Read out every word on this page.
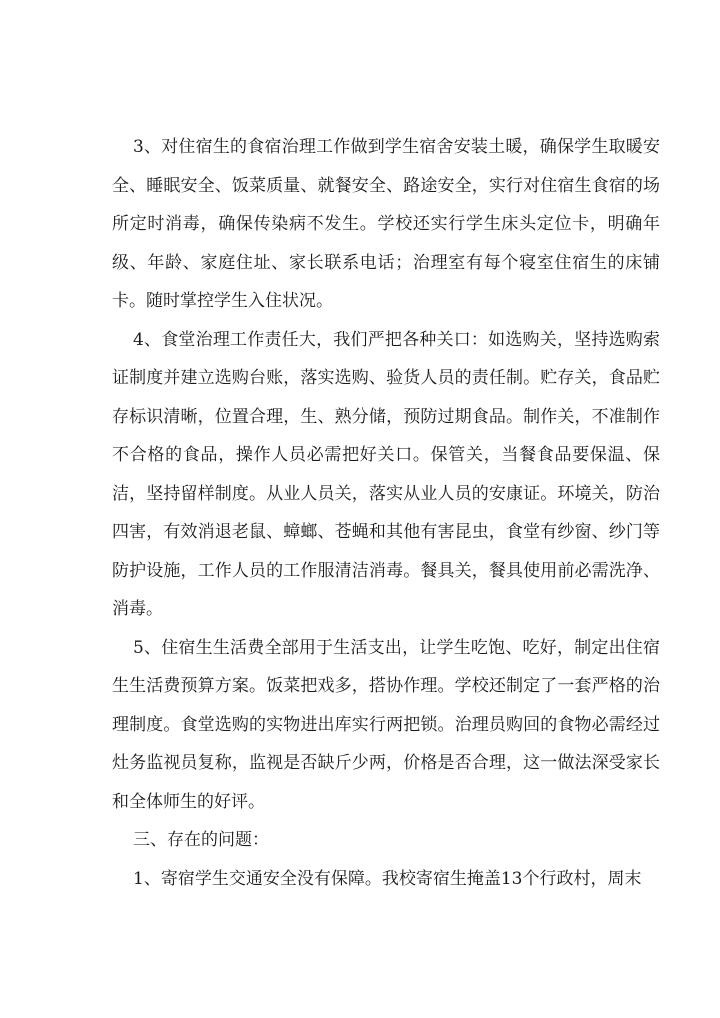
3、对住宿生的食宿治理工作做到学生宿舍安装土暖，确保学生取暖安全、睡眠安全、饭菜质量、就餐安全、路途安全，实行对住宿生食宿的场所定时消毒，确保传染病不发生。学校还实行学生床头定位卡，明确年级、年龄、家庭住址、家长联系电话；治理室有每个寝室住宿生的床铺卡。随时掌控学生入住状况。

4、食堂治理工作责任大，我们严把各种关口：如选购关，坚持选购索证制度并建立选购台账，落实选购、验货人员的责任制。贮存关，食品贮存标识清晰，位置合理，生、熟分储，预防过期食品。制作关，不准制作不合格的食品，操作人员必需把好关口。保管关，当餐食品要保温、保洁，坚持留样制度。从业人员关，落实从业人员的安康证。环境关，防治四害，有效消退老鼠、蟑螂、苍蝇和其他有害昆虫，食堂有纱窗、纱门等防护设施，工作人员的工作服清洁消毒。餐具关，餐具使用前必需洗净、消毒。

5、住宿生生活费全部用于生活支出，让学生吃饱、吃好，制定出住宿生生活费预算方案。饭菜把戏多，搭协作理。学校还制定了一套严格的治理制度。食堂选购的实物进出库实行两把锁。治理员购回的食物必需经过灶务监视员复称，监视是否缺斤少两，价格是否合理，这一做法深受家长和全体师生的好评。

三、存在的问题：

1、寄宿学生交通安全没有保障。我校寄宿生掩盖13个行政村，周末
